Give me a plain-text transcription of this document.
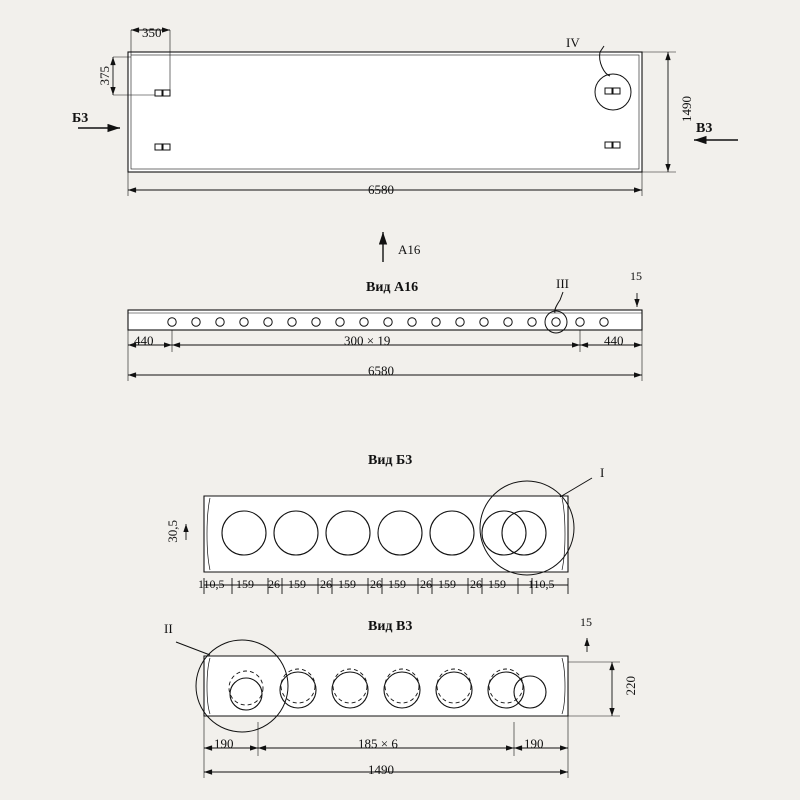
350
375
1490
6580
Б3
В3
IV
А16
Вид А16	III	15
440	300 × 19	440
6580
Вид Б3
I
30,5
110,5 159 26 159 26 159 26 159 26 159 26 159 110,5
Вид В3
II	15
220
190	185 × 6	190
1490
